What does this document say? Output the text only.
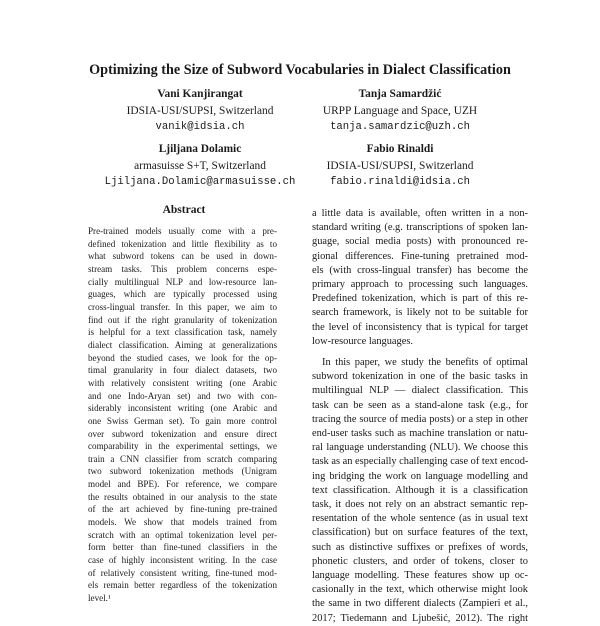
Optimizing the Size of Subword Vocabularies in Dialect Classification
Vani Kanjirangat
IDSIA-USI/SUPSI, Switzerland
vanik@idsia.ch
Tanja Samardžić
URPP Language and Space, UZH
tanja.samardzic@uzh.ch
Ljiljana Dolamic
armasuisse S+T, Switzerland
Ljiljana.Dolamic@armasuisse.ch
Fabio Rinaldi
IDSIA-USI/SUPSI, Switzerland
fabio.rinaldi@idsia.ch
Abstract
Pre-trained models usually come with a pre-
defined tokenization and little flexibility as to
what subword tokens can be used in down-
stream tasks. This problem concerns espe-
cially multilingual NLP and low-resource lan-
guages, which are typically processed using
cross-lingual transfer. In this paper, we aim to
find out if the right granularity of tokenization
is helpful for a text classification task, namely
dialect classification. Aiming at generalizations
beyond the studied cases, we look for the op-
timal granularity in four dialect datasets, two
with relatively consistent writing (one Arabic
and one Indo-Aryan set) and two with con-
siderably inconsistent writing (one Arabic and
one Swiss German set). To gain more control
over subword tokenization and ensure direct
comparability in the experimental settings, we
train a CNN classifier from scratch comparing
two subword tokenization methods (Unigram
model and BPE). For reference, we compare
the results obtained in our analysis to the state
of the art achieved by fine-tuning pre-trained
models. We show that models trained from
scratch with an optimal tokenization level per-
form better than fine-tuned classifiers in the
case of highly inconsistent writing. In the case
of relatively consistent writing, fine-tuned mod-
els remain better regardless of the tokenization
level.¹
a little data is available, often written in a non-
standard writing (e.g. transcriptions of spoken lan-
guage, social media posts) with pronounced re-
gional differences. Fine-tuning pretrained mod-
els (with cross-lingual transfer) has become the
primary approach to processing such languages.
Predefined tokenization, which is part of this re-
search framework, is likely not to be suitable for
the level of inconsistency that is typical for target
low-resource languages.
In this paper, we study the benefits of optimal
subword tokenization in one of the basic tasks in
multilingual NLP — dialect classification. This
task can be seen as a stand-alone task (e.g., for
tracing the source of media posts) or a step in other
end-user tasks such as machine translation or natu-
ral language understanding (NLU). We choose this
task as an especially challenging case of text encod-
ing bridging the work on language modelling and
text classification. Although it is a classification
task, it does not rely on an abstract semantic rep-
resentation of the whole sentence (as in usual text
classification) but on surface features of the text,
such as distinctive suffixes or prefixes of words,
phonetic clusters, and order of tokens, closer to
language modelling. These features show up oc-
casionally in the text, which otherwise might look
the same in two different dialects (Zampieri et al.,
2017; Tiedemann and Ljubešić, 2012). The right
